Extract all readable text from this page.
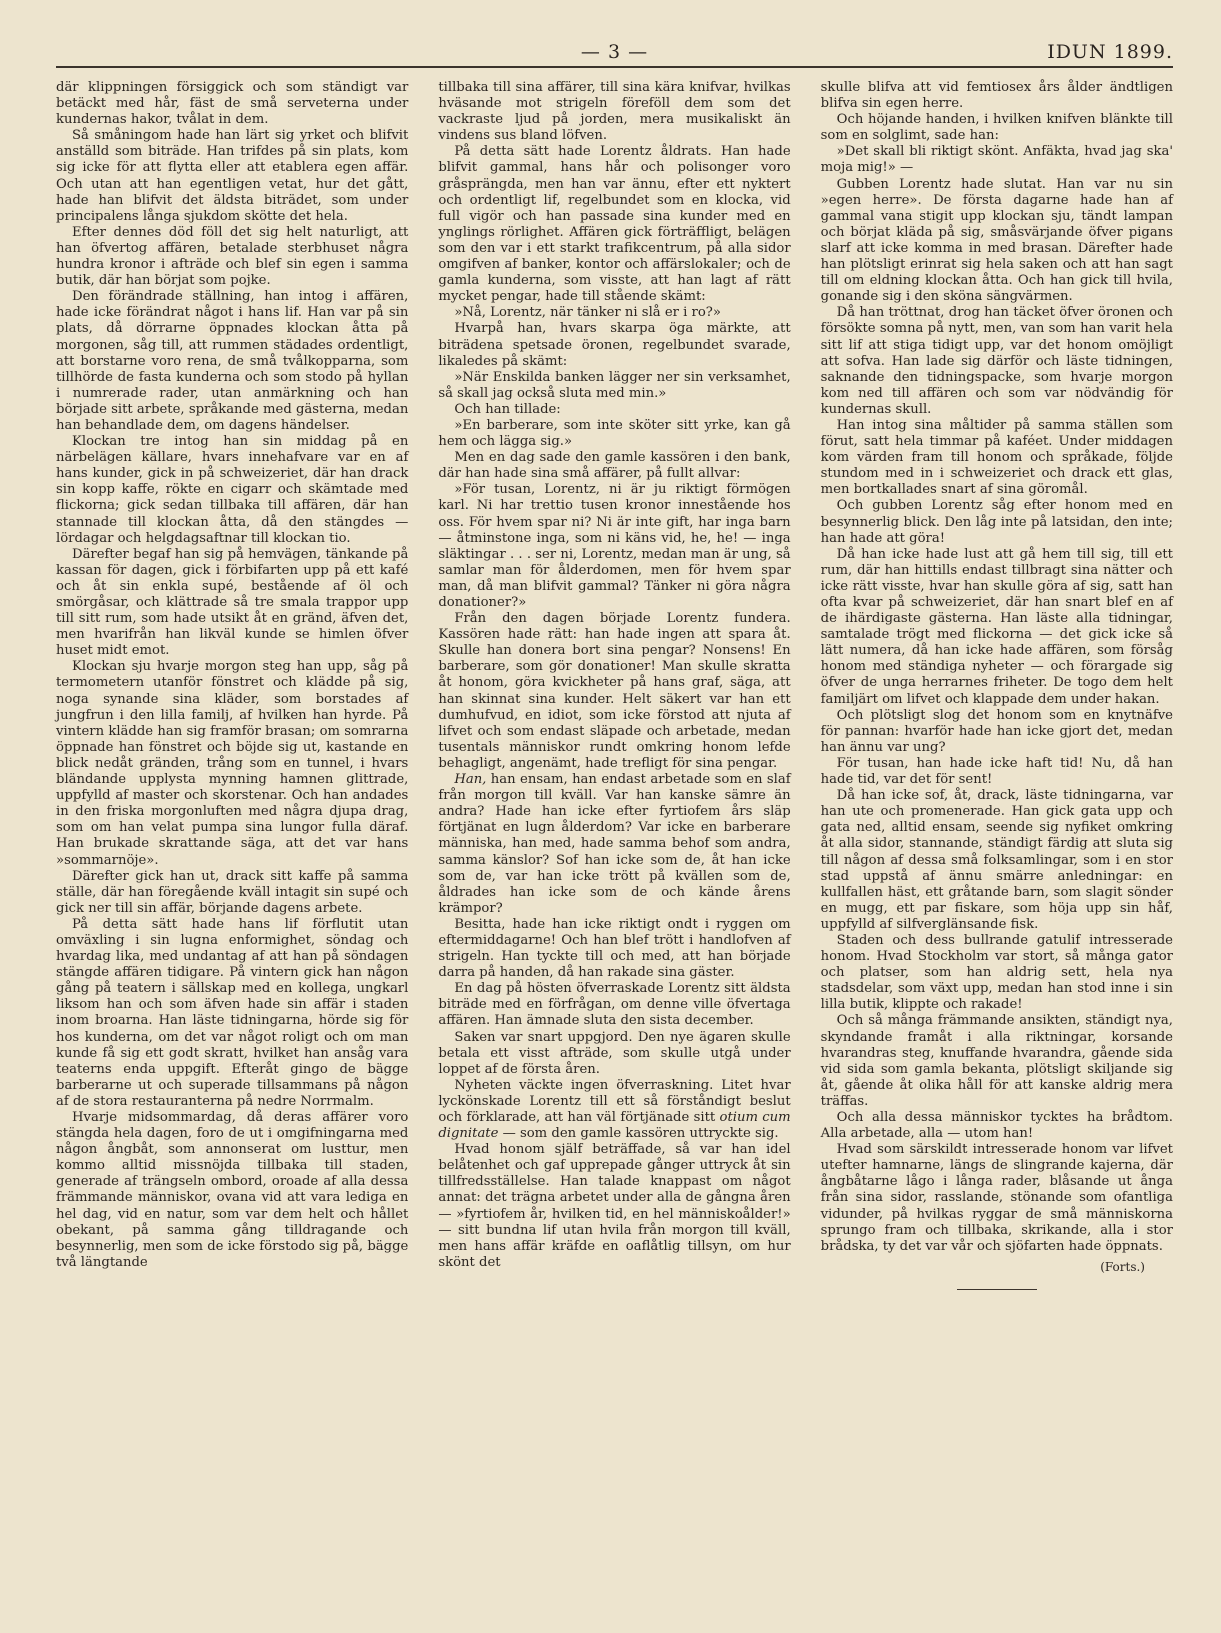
— 3 —	IDUN 1899.

där klippningen försiggick och som ständigt var betäckt med hår, fäst de små serveterna under kundernas hakor, tvålat in dem.

Så småningom hade han lärt sig yrket och blifvit anställd som biträde. Han trifdes på sin plats, kom sig icke för att flytta eller att etablera egen affär. Och utan att han egentligen vetat, hur det gått, hade han blifvit det äldsta biträdet, som under principalens långa sjukdom skötte det hela.

Efter dennes död föll det sig helt naturligt, att han öfvertog affären, betalade sterbhuset några hundra kronor i afträde och blef sin egen i samma butik, där han börjat som pojke.

Den förändrade ställning, han intog i affären, hade icke förändrat något i hans lif. Han var på sin plats, då dörrarne öppnades klockan åtta på morgonen, såg till, att rummen städades ordentligt, att borstarne voro rena, de små tvålkopparna, som tillhörde de fasta kunderna och som stodo på hyllan i numrerade rader, utan anmärkning och han började sitt arbete, språkande med gästerna, medan han behandlade dem, om dagens händelser.

Klockan tre intog han sin middag på en närbelägen källare, hvars innehafvare var en af hans kunder, gick in på schweizeriet, där han drack sin kopp kaffe, rökte en cigarr och skämtade med flickorna; gick sedan tillbaka till affären, där han stannade till klockan åtta, då den stängdes — lördagar och helgdagsaftnar till klockan tio.

Därefter begaf han sig på hemvägen, tänkande på kassan för dagen, gick i förbifarten upp på ett kafé och åt sin enkla supé, bestående af öl och smörgåsar, och klättrade så tre smala trappor upp till sitt rum, som hade utsikt åt en gränd, äfven det, men hvarifrån han likväl kunde se himlen öfver huset midt emot.

Klockan sju hvarje morgon steg han upp, såg på termometern utanför fönstret och klädde på sig, noga synande sina kläder, som borstades af jungfrun i den lilla familj, af hvilken han hyrde. På vintern klädde han sig framför brasan; om somrarna öppnade han fönstret och böjde sig ut, kastande en blick nedåt gränden, trång som en tunnel, i hvars bländande upplysta mynning hamnen glittrade, uppfylld af master och skorstenar. Och han andades in den friska morgonluften med några djupa drag, som om han velat pumpa sina lungor fulla däraf. Han brukade skrattande säga, att det var hans »sommarnöje».

Därefter gick han ut, drack sitt kaffe på samma ställe, där han föregående kväll intagit sin supé och gick ner till sin affär, börjande dagens arbete.

På detta sätt hade hans lif förflutit utan omväxling i sin lugna enformighet, söndag och hvardag lika, med undantag af att han på söndagen stängde affären tidigare. På vintern gick han någon gång på teatern i sällskap med en kollega, ungkarl liksom han och som äfven hade sin affär i staden inom broarna. Han läste tidningarna, hörde sig för hos kunderna, om det var något roligt och om man kunde få sig ett godt skratt, hvilket han ansåg vara teaterns enda uppgift. Efteråt gingo de bägge barberarne ut och superade tillsammans på någon af de stora restauranterna på nedre Norrmalm.

Hvarje midsommardag, då deras affärer voro stängda hela dagen, foro de ut i omgifningarna med någon ångbåt, som annonserat om lusttur, men kommo alltid missnöjda tillbaka till staden, generade af trängseln ombord, oroade af alla dessa främmande människor, ovana vid att vara lediga en hel dag, vid en natur, som var dem helt och hållet obekant, på samma gång tilldragande och besynnerlig, men som de icke förstodo sig på, bägge två längtande

tillbaka till sina affärer, till sina kära knifvar, hvilkas hväsande mot strigeln föreföll dem som det vackraste ljud på jorden, mera musikaliskt än vindens sus bland löfven.

På detta sätt hade Lorentz åldrats. Han hade blifvit gammal, hans hår och polisonger voro gråsprängda, men han var ännu, efter ett nyktert och ordentligt lif, regelbundet som en klocka, vid full vigör och han passade sina kunder med en ynglings rörlighet. Affären gick förträffligt, belägen som den var i ett starkt trafikcentrum, på alla sidor omgifven af banker, kontor och affärslokaler; och de gamla kunderna, som visste, att han lagt af rätt mycket pengar, hade till stående skämt:

»Nå, Lorentz, när tänker ni slå er i ro?»

Hvarpå han, hvars skarpa öga märkte, att biträdena spetsade öronen, regelbundet svarade, likaledes på skämt:

»När Enskilda banken lägger ner sin verksamhet, så skall jag också sluta med min.»

Och han tillade:

»En barberare, som inte sköter sitt yrke, kan gå hem och lägga sig.»

Men en dag sade den gamle kassören i den bank, där han hade sina små affärer, på fullt allvar:

»För tusan, Lorentz, ni är ju riktigt förmögen karl. Ni har trettio tusen kronor innestående hos oss. För hvem spar ni? Ni är inte gift, har inga barn — åtminstone inga, som ni käns vid, he, he! — inga släktingar . . . ser ni, Lorentz, medan man är ung, så samlar man för ålderdomen, men för hvem spar man, då man blifvit gammal? Tänker ni göra några donationer?»

Från den dagen började Lorentz fundera. Kassören hade rätt: han hade ingen att spara åt. Skulle han donera bort sina pengar? Nonsens! En barberare, som gör donationer! Man skulle skratta åt honom, göra kvickheter på hans graf, säga, att han skinnat sina kunder. Helt säkert var han ett dumhufvud, en idiot, som icke förstod att njuta af lifvet och som endast släpade och arbetade, medan tusentals människor rundt omkring honom lefde behagligt, angenämt, hade trefligt för sina pengar.

Han, han ensam, han endast arbetade som en slaf från morgon till kväll. Var han kanske sämre än andra? Hade han icke efter fyrtiofem års släp förtjänat en lugn ålderdom? Var icke en barberare människa, han med, hade samma behof som andra, samma känslor? Sof han icke som de, åt han icke som de, var han icke trött på kvällen som de, åldrades han icke som de och kände årens krämpor?

Besitta, hade han icke riktigt ondt i ryggen om eftermiddagarne! Och han blef trött i handlofven af strigeln. Han tyckte till och med, att han började darra på handen, då han rakade sina gäster.

En dag på hösten öfverraskade Lorentz sitt äldsta biträde med en förfrågan, om denne ville öfvertaga affären. Han ämnade sluta den sista december.

Saken var snart uppgjord. Den nye ägaren skulle betala ett visst afträde, som skulle utgå under loppet af de första åren.

Nyheten väckte ingen öfverraskning. Litet hvar lyckönskade Lorentz till ett så förståndigt beslut och förklarade, att han väl förtjänade sitt otium cum dignitate — som den gamle kassören uttryckte sig.

Hvad honom själf beträffade, så var han idel belåtenhet och gaf upprepade gånger uttryck åt sin tillfredsställelse. Han talade knappast om något annat: det trägna arbetet under alla de gångna åren — »fyrtiofem år, hvilken tid, en hel människoålder!» — sitt bundna lif utan hvila från morgon till kväll, men hans affär kräfde en oaflåtlig tillsyn, om hur skönt det

skulle blifva att vid femtiosex års ålder ändtligen blifva sin egen herre.

Och höjande handen, i hvilken knifven blänkte till som en solglimt, sade han:

»Det skall bli riktigt skönt. Anfäkta, hvad jag ska' moja mig!» —

Gubben Lorentz hade slutat. Han var nu sin »egen herre». De första dagarne hade han af gammal vana stigit upp klockan sju, tändt lampan och börjat kläda på sig, småsvärjande öfver pigans slarf att icke komma in med brasan. Därefter hade han plötsligt erinrat sig hela saken och att han sagt till om eldning klockan åtta. Och han gick till hvila, gonande sig i den sköna sängvärmen.

Då han tröttnat, drog han täcket öfver öronen och försökte somna på nytt, men, van som han varit hela sitt lif att stiga tidigt upp, var det honom omöjligt att sofva. Han lade sig därför och läste tidningen, saknande den tidningspacke, som hvarje morgon kom ned till affären och som var nödvändig för kundernas skull.

Han intog sina måltider på samma ställen som förut, satt hela timmar på kaféet. Under middagen kom värden fram till honom och språkade, följde stundom med in i schweizeriet och drack ett glas, men bortkallades snart af sina göromål.

Och gubben Lorentz såg efter honom med en besynnerlig blick. Den låg inte på latsidan, den inte; han hade att göra!

Då han icke hade lust att gå hem till sig, till ett rum, där han hittills endast tillbragt sina nätter och icke rätt visste, hvar han skulle göra af sig, satt han ofta kvar på schweizeriet, där han snart blef en af de ihärdigaste gästerna. Han läste alla tidningar, samtalade trögt med flickorna — det gick icke så lätt numera, då han icke hade affären, som försåg honom med ständiga nyheter — och förargade sig öfver de unga herrarnes friheter. De togo dem helt familjärt om lifvet och klappade dem under hakan.

Och plötsligt slog det honom som en knytnäfve för pannan: hvarför hade han icke gjort det, medan han ännu var ung?

För tusan, han hade icke haft tid! Nu, då han hade tid, var det för sent!

Då han icke sof, åt, drack, läste tidningarna, var han ute och promenerade. Han gick gata upp och gata ned, alltid ensam, seende sig nyfiket omkring åt alla sidor, stannande, ständigt färdig att sluta sig till någon af dessa små folksamlingar, som i en stor stad uppstå af ännu smärre anledningar: en kullfallen häst, ett gråtande barn, som slagit sönder en mugg, ett par fiskare, som höja upp sin håf, uppfylld af silfverglänsande fisk.

Staden och dess bullrande gatulif intresserade honom. Hvad Stockholm var stort, så många gator och platser, som han aldrig sett, hela nya stadsdelar, som växt upp, medan han stod inne i sin lilla butik, klippte och rakade!

Och så många främmande ansikten, ständigt nya, skyndande framåt i alla riktningar, korsande hvarandras steg, knuffande hvarandra, gående sida vid sida som gamla bekanta, plötsligt skiljande sig åt, gående åt olika håll för att kanske aldrig mera träffas.

Och alla dessa människor tycktes ha brådtom. Alla arbetade, alla — utom han!

Hvad som särskildt intresserade honom var lifvet utefter hamnarne, längs de slingrande kajerna, där ångbåtarne lågo i långa rader, blåsande ut ånga från sina sidor, rasslande, stönande som ofantliga vidunder, på hvilkas ryggar de små människorna sprungo fram och tillbaka, skrikande, alla i stor brådska, ty det var vår och sjöfarten hade öppnats.

(Forts.)
